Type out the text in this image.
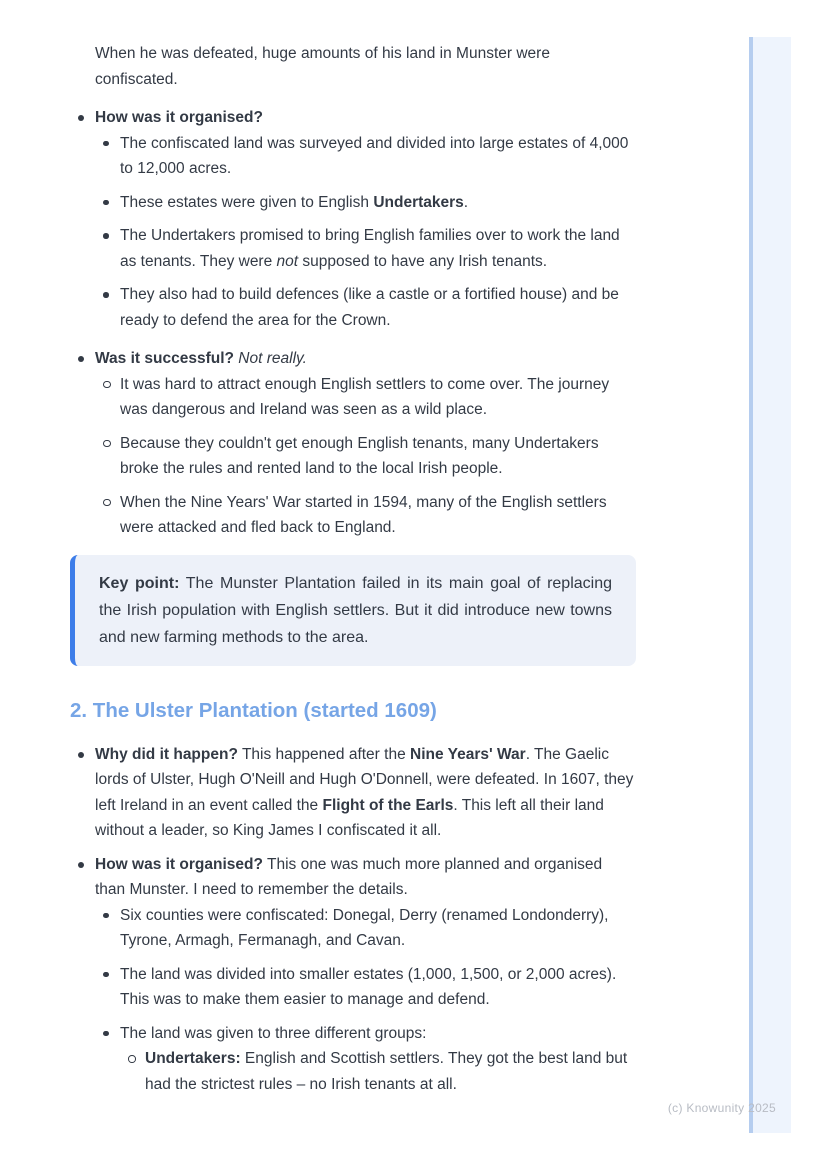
When he was defeated, huge amounts of his land in Munster were confiscated.
How was it organised?
The confiscated land was surveyed and divided into large estates of 4,000 to 12,000 acres.
These estates were given to English Undertakers.
The Undertakers promised to bring English families over to work the land as tenants. They were not supposed to have any Irish tenants.
They also had to build defences (like a castle or a fortified house) and be ready to defend the area for the Crown.
Was it successful? Not really.
It was hard to attract enough English settlers to come over. The journey was dangerous and Ireland was seen as a wild place.
Because they couldn't get enough English tenants, many Undertakers broke the rules and rented land to the local Irish people.
When the Nine Years' War started in 1594, many of the English settlers were attacked and fled back to England.
Key point: The Munster Plantation failed in its main goal of replacing the Irish population with English settlers. But it did introduce new towns and new farming methods to the area.
2. The Ulster Plantation (started 1609)
Why did it happen? This happened after the Nine Years' War. The Gaelic lords of Ulster, Hugh O'Neill and Hugh O'Donnell, were defeated. In 1607, they left Ireland in an event called the Flight of the Earls. This left all their land without a leader, so King James I confiscated it all.
How was it organised? This one was much more planned and organised than Munster. I need to remember the details.
Six counties were confiscated: Donegal, Derry (renamed Londonderry), Tyrone, Armagh, Fermanagh, and Cavan.
The land was divided into smaller estates (1,000, 1,500, or 2,000 acres). This was to make them easier to manage and defend.
The land was given to three different groups:
Undertakers: English and Scottish settlers. They got the best land but had the strictest rules – no Irish tenants at all.
(c) Knowunity 2025
